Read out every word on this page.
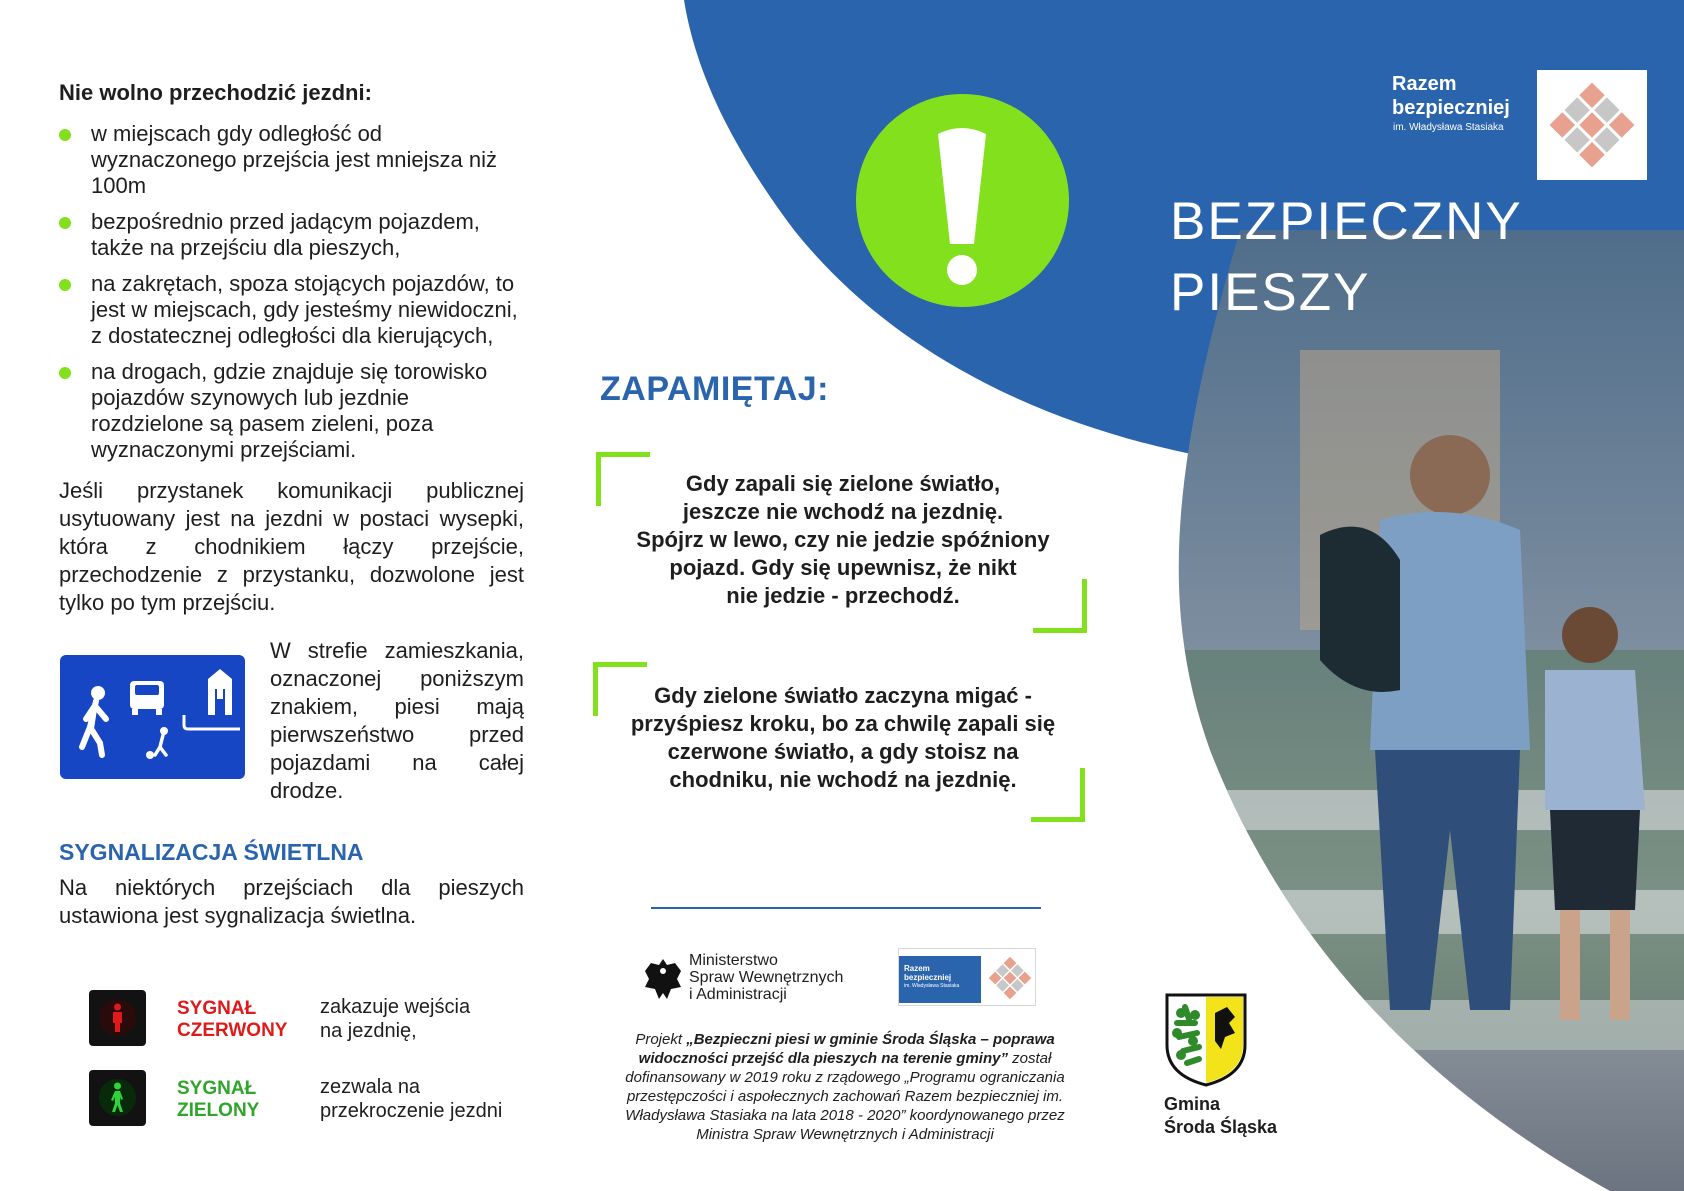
Nie wolno przechodzić jezdni:
w miejscach gdy odległość od wyznaczonego przejścia jest mniejsza niż 100m
bezpośrednio przed jadącym pojazdem, także na przejściu dla pieszych,
na zakrętach, spoza stojących pojazdów, to jest w miejscach, gdy jesteśmy niewidoczni, z dostatecznej odległości dla kierujących,
na drogach, gdzie znajduje się torowisko pojazdów szynowych lub jezdnie rozdzielone są pasem zieleni, poza wyznaczonymi przejściami.

Jeśli przystanek komunikacji publicznej usytuowany jest na jezdni w postaci wysepki, która z chodnikiem łączy przejście, przechodzenie z przystanku, dozwolone jest tylko po tym przejściu.

W strefie zamieszkania, oznaczonej poniższym znakiem, piesi mają pierwszeństwo przed pojazdami na całej drodze.
SYGNALIZACJA ŚWIETLNA

Na niektórych przejściach dla pieszych ustawiona jest sygnalizacja świetlna.

SYGNAŁ
CZERWONY
zakazuje wejścia
na jezdnię,
SYGNAŁ
ZIELONY
zezwala na
przekroczenie jezdni
Razem
bezpieczniej
im. Władysława Stasiaka
BEZPIECZNY
PIESZY
ZAPAMIĘTAJ:
Gdy zapali się zielone światło,
jeszcze nie wchodź na jezdnię.
Spójrz w lewo, czy nie jedzie spóźniony
pojazd. Gdy się upewnisz, że nikt
nie jedzie - przechodź.
Gdy zielone światło zaczyna migać -
przyśpiesz kroku, bo za chwilę zapali się
czerwone światło, a gdy stoisz na
chodniku, nie wchodź na jezdnię.
Ministerstwo
Spraw Wewnętrznych
i Administracji
Razem
bezpieczniej
im. Władysława Stasiaka
Projekt „Bezpieczni piesi w gminie Środa Śląska – poprawa widoczności przejść dla pieszych na terenie gminy” został dofinansowany w 2019 roku z rządowego „Programu ograniczania przestępczości i aspołecznych zachowań Razem bezpieczniej im. Władysława Stasiaka na lata 2018 - 2020” koordynowanego przez Ministra Spraw Wewnętrznych i Administracji
Gmina
Środa Śląska
